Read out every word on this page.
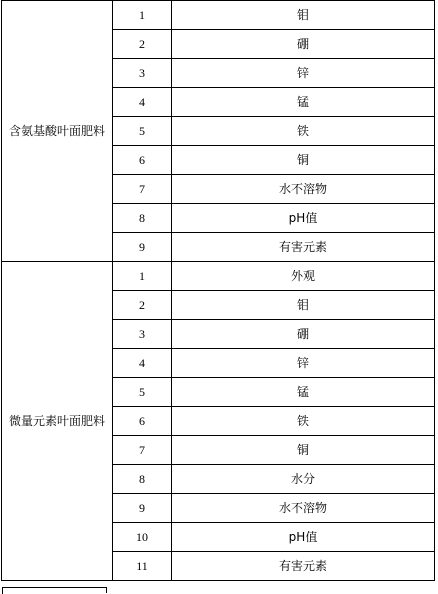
含氨基酸叶面肥料	1	钼
	2	硼
	3	锌
	4	锰
	5	铁
	6	铜
	7	水不溶物
	8	pH值
	9	有害元素
微量元素叶面肥料	1	外观
	2	钼
	3	硼
	4	锌
	5	锰
	6	铁
	7	铜
	8	水分
	9	水不溶物
	10	pH值
	11	有害元素
